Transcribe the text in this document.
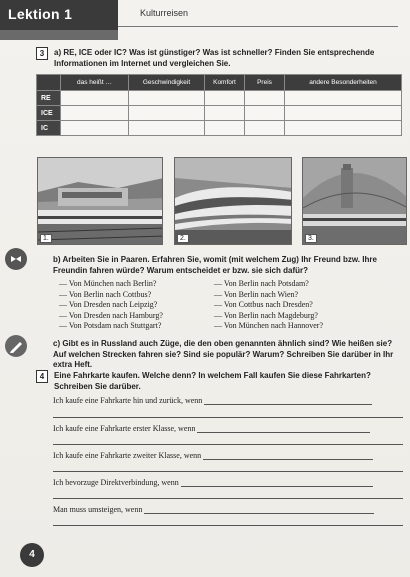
Lektion 1	Kulturreisen
3	a) RE, ICE oder IC? Was ist günstiger? Was ist schneller? Finden Sie entsprechende Informationen im Internet und vergleichen Sie.
	das heißt …	Geschwindigkeit	Komfort	Preis	andere Besonderheiten
RE					
ICE					
IC					
1.	2.	3.
b) Arbeiten Sie in Paaren. Erfahren Sie, womit (mit welchem Zug) Ihr Freund bzw. Ihre Freundin fahren würde? Warum entscheidet er bzw. sie sich dafür?
— Von München nach Berlin?
— Von Berlin nach Cottbus?
— Von Dresden nach Leipzig?
— Von Dresden nach Hamburg?
— Von Potsdam nach Stuttgart?
— Von Berlin nach Potsdam?
— Von Berlin nach Wien?
— Von Cottbus nach Dresden?
— Von Berlin nach Magdeburg?
— Von München nach Hannover?
c) Gibt es in Russland auch Züge, die den oben genannten ähnlich sind? Wie heißen sie? Auf welchen Strecken fahren sie? Sind sie populär? Warum? Schreiben Sie darüber in Ihr extra Heft.
4	Eine Fahrkarte kaufen. Welche denn? In welchem Fall kaufen Sie diese Fahrkarten? Schreiben Sie darüber.
Ich kaufe eine Fahrkarte hin und zurück, wenn
Ich kaufe eine Fahrkarte erster Klasse, wenn
Ich kaufe eine Fahrkarte zweiter Klasse, wenn
Ich bevorzuge Direktverbindung, wenn
Man muss umsteigen, wenn
4
